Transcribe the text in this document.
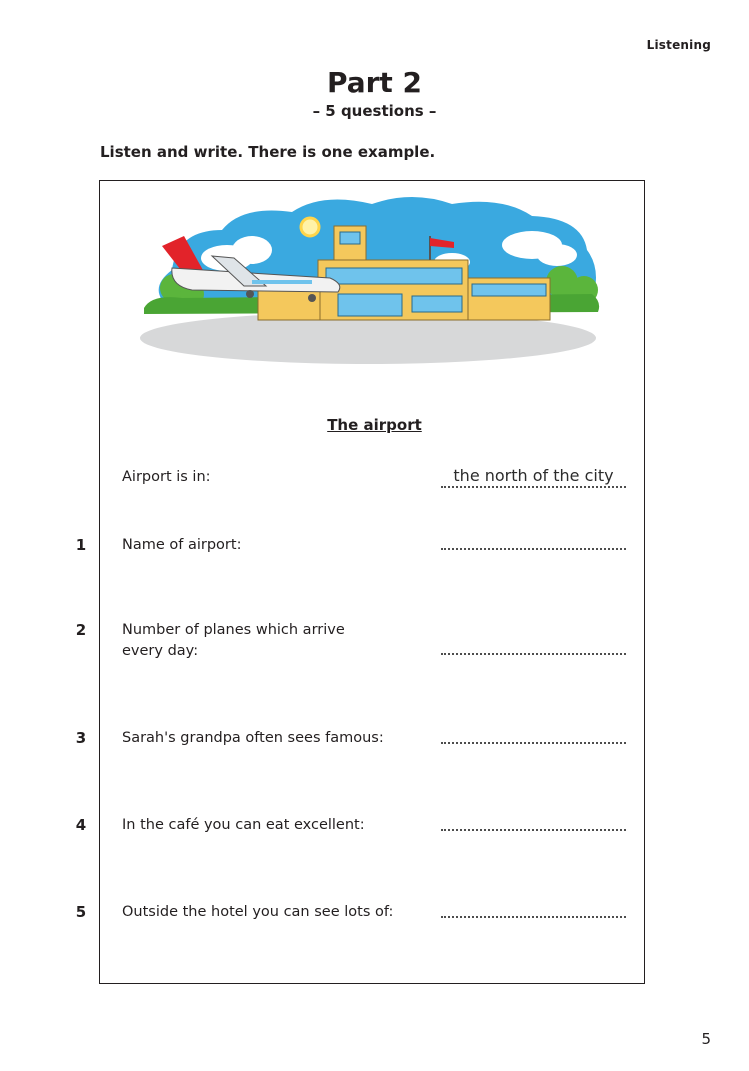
Listening
Part 2
– 5 questions –
Listen and write. There is one example.
The airport
Airport is in:	the north of the city
1 Name of airport:
2 Number of planes which arrive
every day:
3 Sarah's grandpa often sees famous:
4 In the café you can eat excellent:
5 Outside the hotel you can see lots of:
5
